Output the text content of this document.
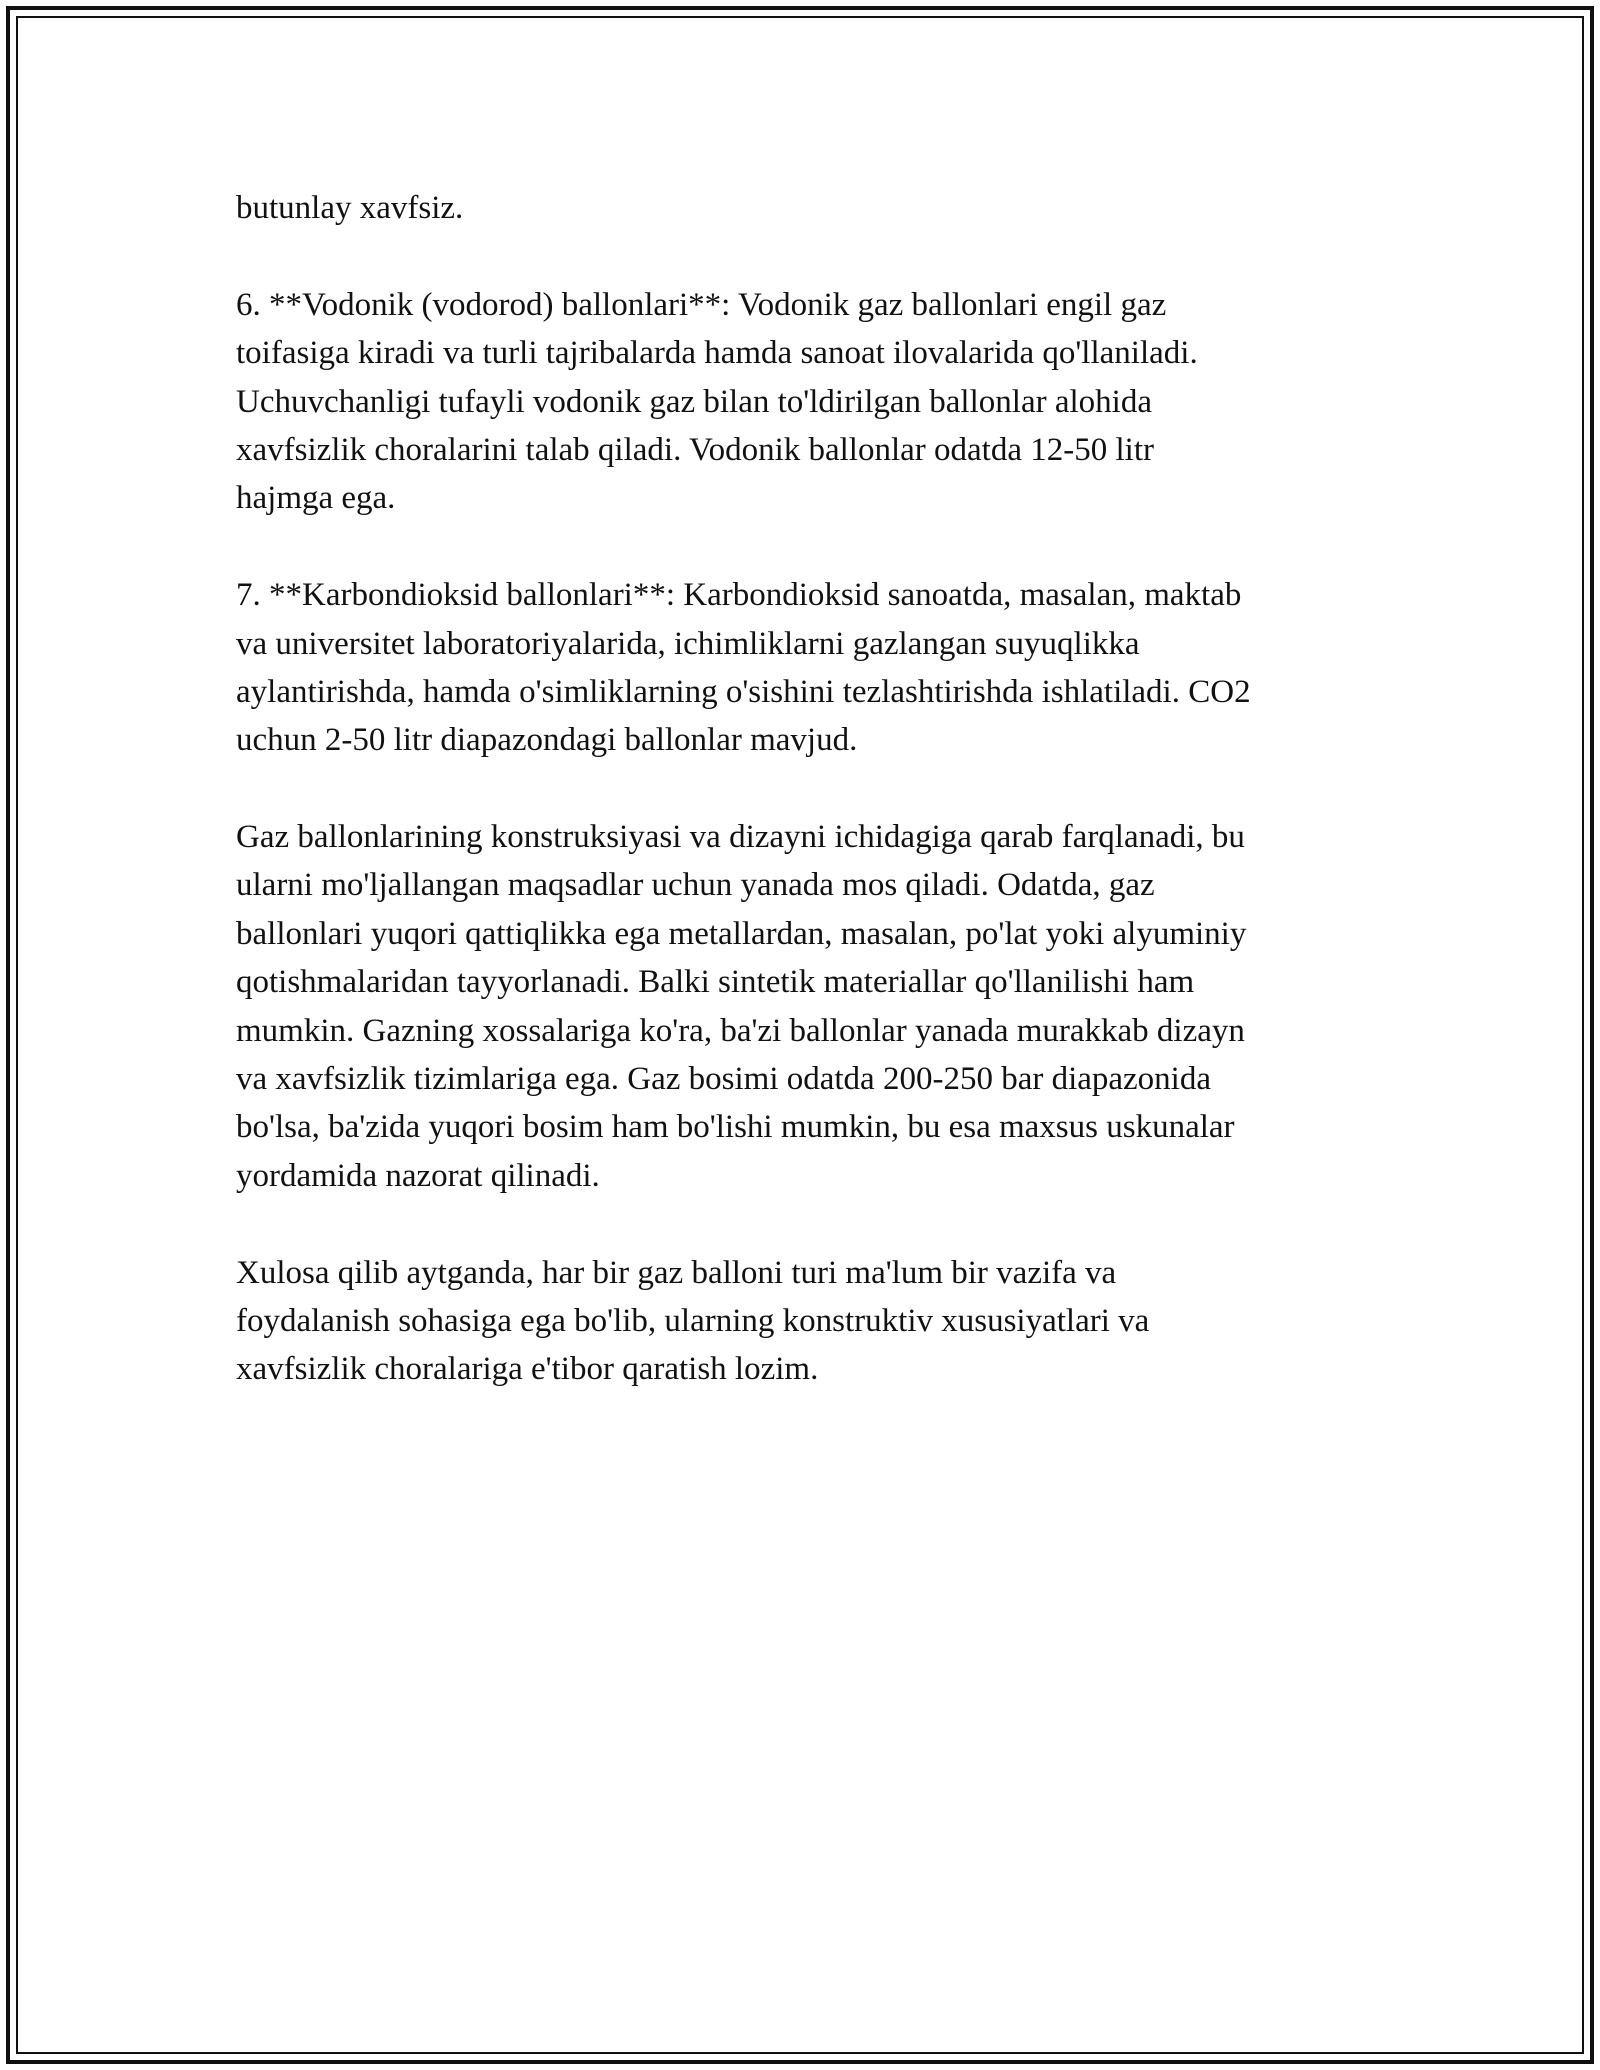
butunlay xavfsiz.
6. **Vodonik (vodorod) ballonlari**: Vodonik gaz ballonlari engil gaz
toifasiga kiradi va turli tajribalarda hamda sanoat ilovalarida qo'llaniladi.
Uchuvchanligi tufayli vodonik gaz bilan to'ldirilgan ballonlar alohida
xavfsizlik choralarini talab qiladi. Vodonik ballonlar odatda 12-50 litr
hajmga ega.
7. **Karbondioksid ballonlari**: Karbondioksid sanoatda, masalan, maktab
va universitet laboratoriyalarida, ichimliklarni gazlangan suyuqlikka
aylantirishda, hamda o'simliklarning o'sishini tezlashtirishda ishlatiladi. CO2
uchun 2-50 litr diapazondagi ballonlar mavjud.
Gaz ballonlarining konstruksiyasi va dizayni ichidagiga qarab farqlanadi, bu
ularni mo'ljallangan maqsadlar uchun yanada mos qiladi. Odatda, gaz
ballonlari yuqori qattiqlikka ega metallardan, masalan, po'lat yoki alyuminiy
qotishmalaridan tayyorlanadi. Balki sintetik materiallar qo'llanilishi ham
mumkin. Gazning xossalariga ko'ra, ba'zi ballonlar yanada murakkab dizayn
va xavfsizlik tizimlariga ega. Gaz bosimi odatda 200-250 bar diapazonida
bo'lsa, ba'zida yuqori bosim ham bo'lishi mumkin, bu esa maxsus uskunalar
yordamida nazorat qilinadi.
Xulosa qilib aytganda, har bir gaz balloni turi ma'lum bir vazifa va
foydalanish sohasiga ega bo'lib, ularning konstruktiv xususiyatlari va
xavfsizlik choralariga e'tibor qaratish lozim.
